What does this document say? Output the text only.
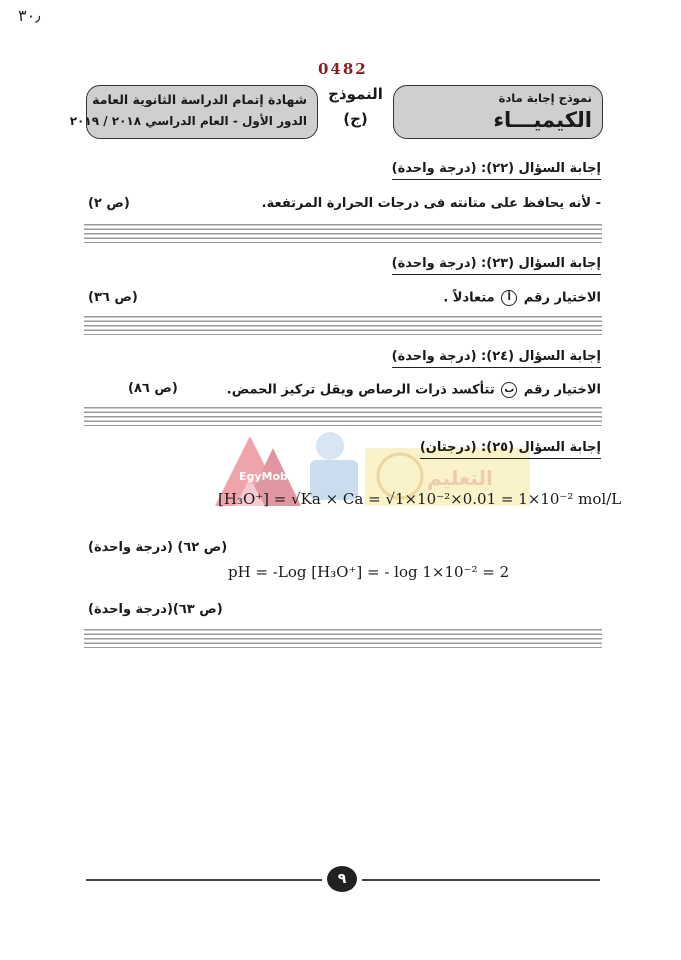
٣٠٫
0482
شهادة إتمام الدراسة الثانوية العامة
الدور الأول - العام الدراسي ٢٠١٨ / ٢٠١٩
النموذج
(ج)
نموذج إجابة مادة
الكيميـــاء
إجابة السؤال (٢٢): (درجة واحدة)
- لأنه يحافظ على متانته فى درجات الحرارة المرتفعة.
(ص ٢)
إجابة السؤال (٢٣): (درجة واحدة)
الاختيار رقم أ متعادلاً .
(ص ٣٦)
إجابة السؤال (٢٤): (درجة واحدة)
الاختيار رقم ب تتأكسد ذرات الرصاص ويقل تركيز الحمض.
(ص ٨٦)
EgyMob	التعليم
إجابة السؤال (٢٥): (درجتان)
[H₃O⁺] = √Ka × Ca = √1×10⁻²×0.01 = 1×10⁻² mol/L
(ص ٦٢) (درجة واحدة)
pH = -Log [H₃O⁺] = - log 1×10⁻² = 2
(ص ٦٣)(درجة واحدة)
٩
